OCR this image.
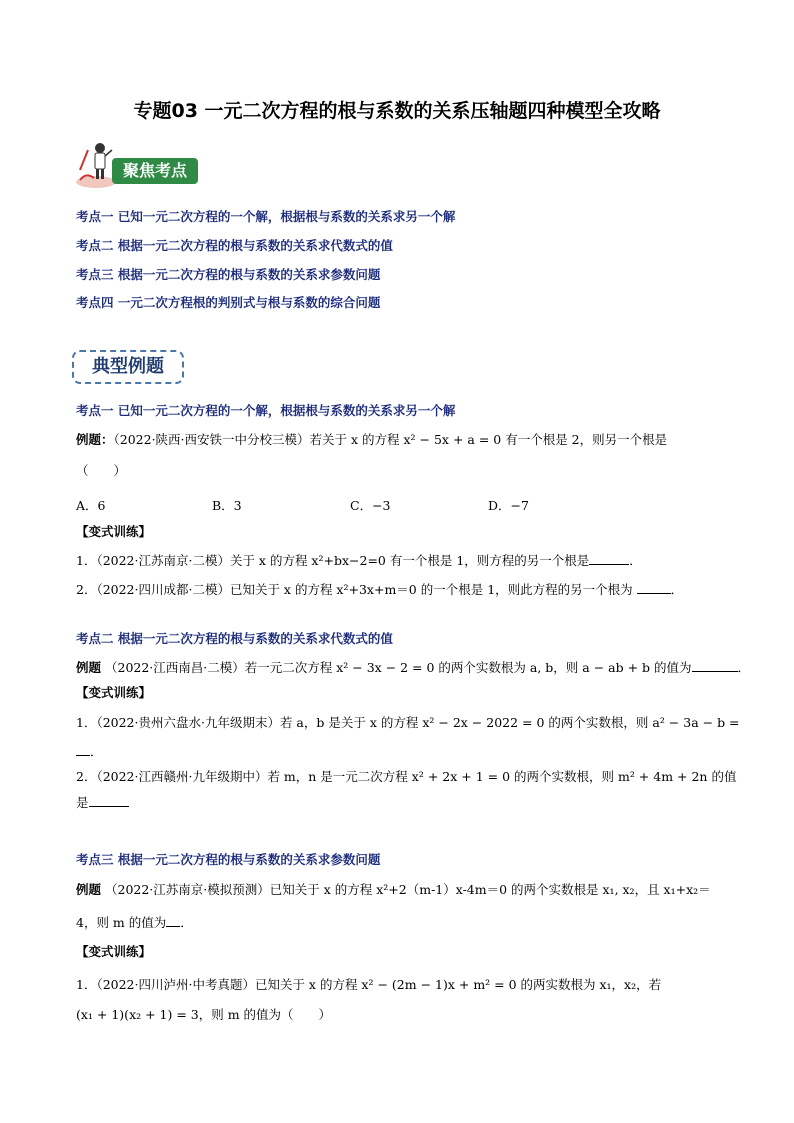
专题03 一元二次方程的根与系数的关系压轴题四种模型全攻略
聚焦考点
考点一 已知一元二次方程的一个解，根据根与系数的关系求另一个解
考点二 根据一元二次方程的根与系数的关系求代数式的值
考点三 根据一元二次方程的根与系数的关系求参数问题
考点四 一元二次方程根的判别式与根与系数的综合问题
典型例题
考点一 已知一元二次方程的一个解，根据根与系数的关系求另一个解
例题：（2022·陕西·西安铁一中分校三模）若关于 x 的方程 x² − 5x + a = 0 有一个根是 2，则另一个根是
（　　）
A．6	B．3	C．−3	D．−7
【变式训练】
1．（2022·江苏南京·二模）关于 x 的方程 x²+bx−2=0 有一个根是 1，则方程的另一个根是	．
2．（2022·四川成都·二模）已知关于 x 的方程 x²+3x+m＝0 的一个根是 1，则此方程的另一个根为	．
考点二 根据一元二次方程的根与系数的关系求代数式的值
例题 （2022·江西南昌·二模）若一元二次方程 x² − 3x − 2 = 0 的两个实数根为 a, b，则 a − ab + b 的值为	．
【变式训练】
1．（2022·贵州六盘水·九年级期末）若 a，b 是关于 x 的方程 x² − 2x − 2022 = 0 的两个实数根，则 a² − 3a − b =
．
2．（2022·江西赣州·九年级期中）若 m，n 是一元二次方程 x² + 2x + 1 = 0 的两个实数根，则 m² + 4m + 2n 的值
是
考点三 根据一元二次方程的根与系数的关系求参数问题
例题 （2022·江苏南京·模拟预测）已知关于 x 的方程 x²+2（m-1）x-4m＝0 的两个实数根是 x₁, x₂，且 x₁+x₂＝
4，则 m 的值为 ．
【变式训练】
1．（2022·四川泸州·中考真题）已知关于 x 的方程 x² − (2m − 1)x + m² = 0 的两实数根为 x₁，x₂，若
(x₁ + 1)(x₂ + 1) = 3，则 m 的值为（　　）
